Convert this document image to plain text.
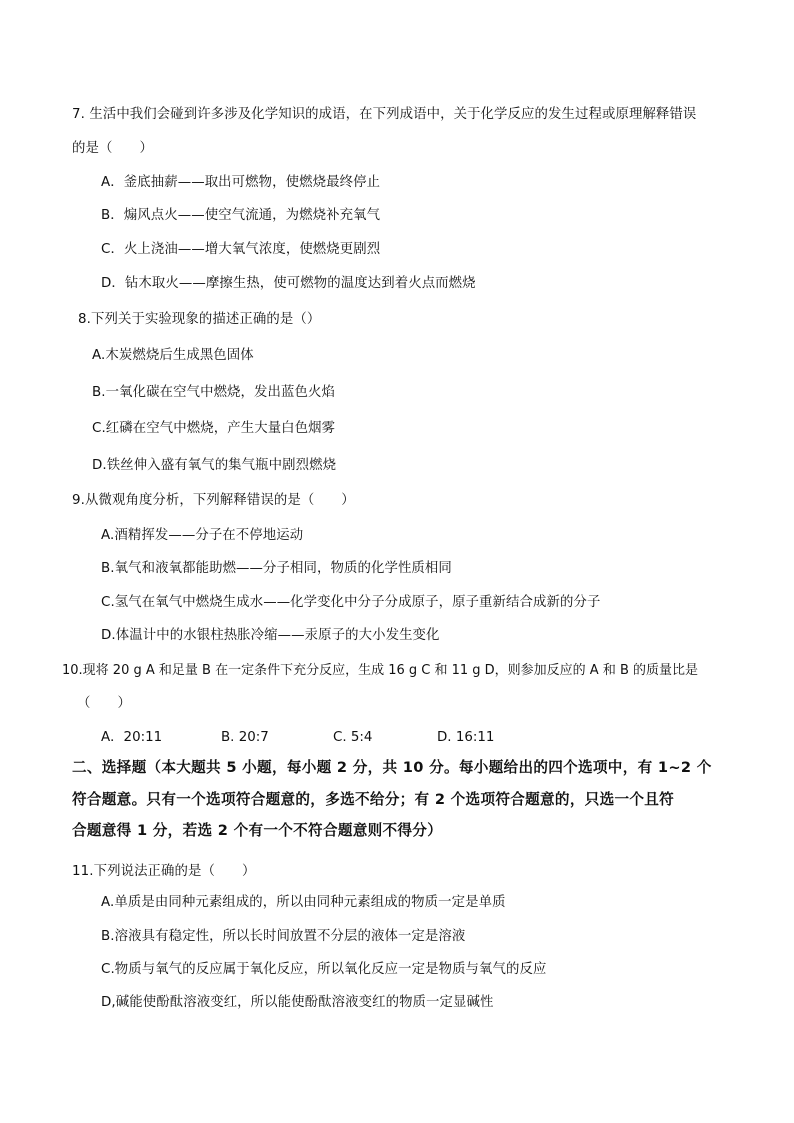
7. 生活中我们会碰到许多涉及化学知识的成语，在下列成语中，关于化学反应的发生过程或原理解释错误
的是（　　）
A．釜底抽薪——取出可燃物，使燃烧最终停止
B．煽风点火——使空气流通，为燃烧补充氧气
C．火上浇油——增大氧气浓度，使燃烧更剧烈
D．钻木取火——摩擦生热，使可燃物的温度达到着火点而燃烧
8.下列关于实验现象的描述正确的是（）
A.木炭燃烧后生成黑色固体
B.一氧化碳在空气中燃烧，发出蓝色火焰
C.红磷在空气中燃烧，产生大量白色烟雾
D.铁丝伸入盛有氧气的集气瓶中剧烈燃烧
9.从微观角度分析，下列解释错误的是（　　）
A.酒精挥发——分子在不停地运动
B.氧气和液氧都能助燃——分子相同，物质的化学性质相同
C.氢气在氧气中燃烧生成水——化学变化中分子分成原子，原子重新结合成新的分子
D.体温计中的水银柱热胀冷缩——汞原子的大小发生变化
10.现将 20 g A 和足量 B 在一定条件下充分反应，生成 16 g C 和 11 g D，则参加反应的 A 和 B 的质量比是
（　　）
A．20:11	B. 20:7	C. 5:4	D. 16:11
二、选择题（本大题共 5 小题，每小题 2 分，共 10 分。每小题给出的四个选项中，有 1~2 个
符合题意。只有一个选项符合题意的，多选不给分；有 2 个选项符合题意的，只选一个且符
合题意得 1 分，若选 2 个有一个不符合题意则不得分）
11.下列说法正确的是（　　）
A.单质是由同种元素组成的，所以由同种元素组成的物质一定是单质
B.溶液具有稳定性，所以长时间放置不分层的液体一定是溶液
C.物质与氧气的反应属于氧化反应，所以氧化反应一定是物质与氧气的反应
D,碱能使酚酞溶液变红，所以能使酚酞溶液变红的物质一定显碱性
